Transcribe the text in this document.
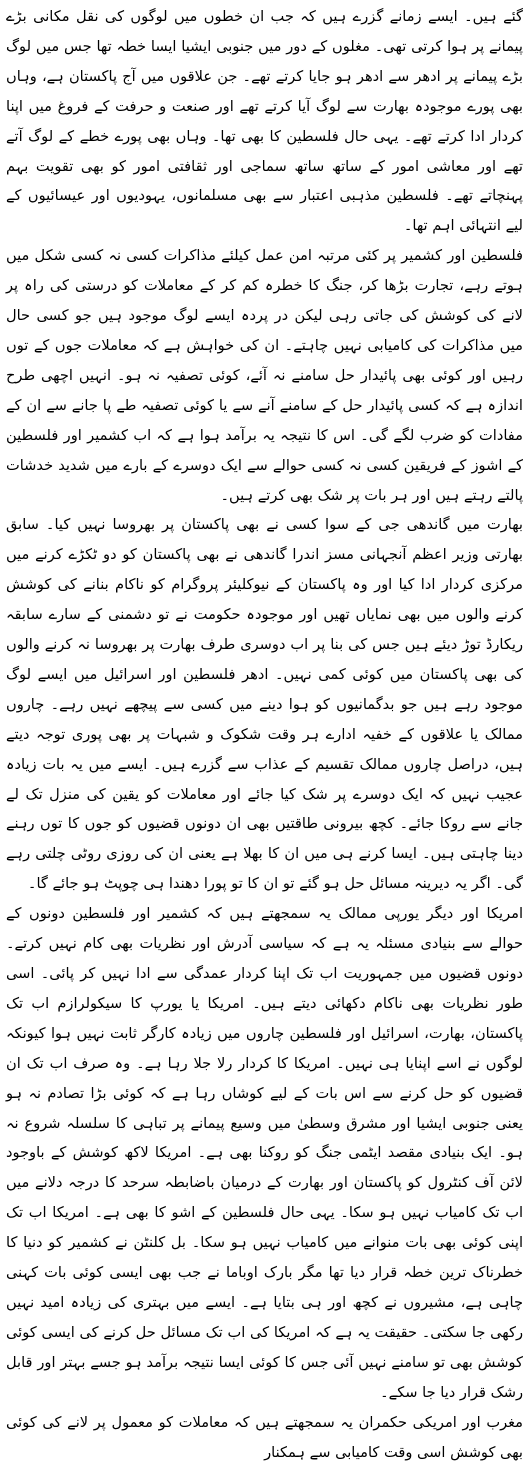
گئے ہیں۔ ایسے زمانے گزرے ہیں کہ جب ان خطوں میں لوگوں کی نقل مکانی بڑے پیمانے پر ہوا کرتی تھی۔ مغلوں کے دور میں جنوبی ایشیا ایسا خطہ تھا جس میں لوگ بڑے پیمانے پر ادھر سے ادھر ہو جایا کرتے تھے۔ جن علاقوں میں آج پاکستان ہے، وہاں بھی پورے موجودہ بھارت سے لوگ آیا کرتے تھے اور صنعت و حرفت کے فروغ میں اپنا کردار ادا کرتے تھے۔ یہی حال فلسطین کا بھی تھا۔ وہاں بھی پورے خطے کے لوگ آتے تھے اور معاشی امور کے ساتھ ساتھ سماجی اور ثقافتی امور کو بھی تقویت بہم پہنچاتے تھے۔ فلسطین مذہبی اعتبار سے بھی مسلمانوں، یہودیوں اور عیسائیوں کے لیے انتہائی اہم تھا۔

فلسطین اور کشمیر پر کئی مرتبہ امن عمل کیلئے مذاکرات کسی نہ کسی شکل میں ہوتے رہے، تجارت بڑھا کر، جنگ کا خطرہ کم کر کے معاملات کو درستی کی راہ پر لانے کی کوشش کی جاتی رہی لیکن در پردہ ایسے لوگ موجود ہیں جو کسی حال میں مذاکرات کی کامیابی نہیں چاہتے۔ ان کی خواہش ہے کہ معاملات جوں کے توں رہیں اور کوئی بھی پائیدار حل سامنے نہ آئے، کوئی تصفیہ نہ ہو۔ انہیں اچھی طرح اندازہ ہے کہ کسی پائیدار حل کے سامنے آنے سے یا کوئی تصفیہ طے پا جانے سے ان کے مفادات کو ضرب لگے گی۔ اس کا نتیجہ یہ برآمد ہوا ہے کہ اب کشمیر اور فلسطین کے اشوز کے فریقین کسی نہ کسی حوالے سے ایک دوسرے کے بارے میں شدید خدشات پالتے رہتے ہیں اور ہر بات پر شک بھی کرتے ہیں۔

بھارت میں گاندھی جی کے سوا کسی نے بھی پاکستان پر بھروسا نہیں کیا۔ سابق بھارتی وزیر اعظم آنجہانی مسز اندرا گاندھی نے بھی پاکستان کو دو ٹکڑے کرنے میں مرکزی کردار ادا کیا اور وہ پاکستان کے نیوکلیئر پروگرام کو ناکام بنانے کی کوشش کرنے والوں میں بھی نمایاں تھیں اور موجودہ حکومت نے تو دشمنی کے سارے سابقہ ریکارڈ توڑ دیئے ہیں جس کی بنا پر اب دوسری طرف بھارت پر بھروسا نہ کرنے والوں کی بھی پاکستان میں کوئی کمی نہیں۔ ادھر فلسطین اور اسرائیل میں ایسے لوگ موجود رہے ہیں جو بدگمانیوں کو ہوا دینے میں کسی سے پیچھے نہیں رہے۔ چاروں ممالک یا علاقوں کے خفیہ ادارے ہر وقت شکوک و شبہات پر بھی پوری توجہ دیتے ہیں، دراصل چاروں ممالک تقسیم کے عذاب سے گزرے ہیں۔ ایسے میں یہ بات زیادہ عجیب نہیں کہ ایک دوسرے پر شک کیا جائے اور معاملات کو یقین کی منزل تک لے جانے سے روکا جائے۔ کچھ بیرونی طاقتیں بھی ان دونوں قضیوں کو جوں کا توں رہنے دینا چاہتی ہیں۔ ایسا کرنے ہی میں ان کا بھلا ہے یعنی ان کی روزی روٹی چلتی رہے گی۔ اگر یہ دیرینہ مسائل حل ہو گئے تو ان کا تو پورا دھندا ہی چوپٹ ہو جائے گا۔

امریکا اور دیگر یورپی ممالک یہ سمجھتے ہیں کہ کشمیر اور فلسطین دونوں کے حوالے سے بنیادی مسئلہ یہ ہے کہ سیاسی آدرش اور نظریات بھی کام نہیں کرتے۔ دونوں قضیوں میں جمہوریت اب تک اپنا کردار عمدگی سے ادا نہیں کر پائی۔ اسی طور نظریات بھی ناکام دکھائی دیتے ہیں۔ امریکا یا یورپ کا سیکولرازم اب تک پاکستان، بھارت، اسرائیل اور فلسطین چاروں میں زیادہ کارگر ثابت نہیں ہوا کیونکہ لوگوں نے اسے اپنایا ہی نہیں۔ امریکا کا کردار رلا جلا رہا ہے۔ وہ صرف اب تک ان قضیوں کو حل کرنے سے اس بات کے لیے کوشاں رہا ہے کہ کوئی بڑا تصادم نہ ہو یعنی جنوبی ایشیا اور مشرق وسطیٰ میں وسیع پیمانے پر تباہی کا سلسلہ شروع نہ ہو۔ ایک بنیادی مقصد ایٹمی جنگ کو روکنا بھی ہے۔ امریکا لاکھ کوشش کے باوجود لائن آف کنٹرول کو پاکستان اور بھارت کے درمیان باضابطہ سرحد کا درجہ دلانے میں اب تک کامیاب نہیں ہو سکا۔ یہی حال فلسطین کے اشو کا بھی ہے۔ امریکا اب تک اپنی کوئی بھی بات منوانے میں کامیاب نہیں ہو سکا۔ بل کلنٹن نے کشمیر کو دنیا کا خطرناک ترین خطہ قرار دیا تھا مگر بارک اوباما نے جب بھی ایسی کوئی بات کہنی چاہی ہے، مشیروں نے کچھ اور ہی بتایا ہے۔ ایسے میں بہتری کی زیادہ امید نہیں رکھی جا سکتی۔ حقیقت یہ ہے کہ امریکا کی اب تک مسائل حل کرنے کی ایسی کوئی کوشش بھی تو سامنے نہیں آئی جس کا کوئی ایسا نتیجہ برآمد ہو جسے بہتر اور قابل رشک قرار دیا جا سکے۔

مغرب اور امریکی حکمران یہ سمجھتے ہیں کہ معاملات کو معمول پر لانے کی کوئی بھی کوشش اسی وقت کامیابی سے ہمکنار
